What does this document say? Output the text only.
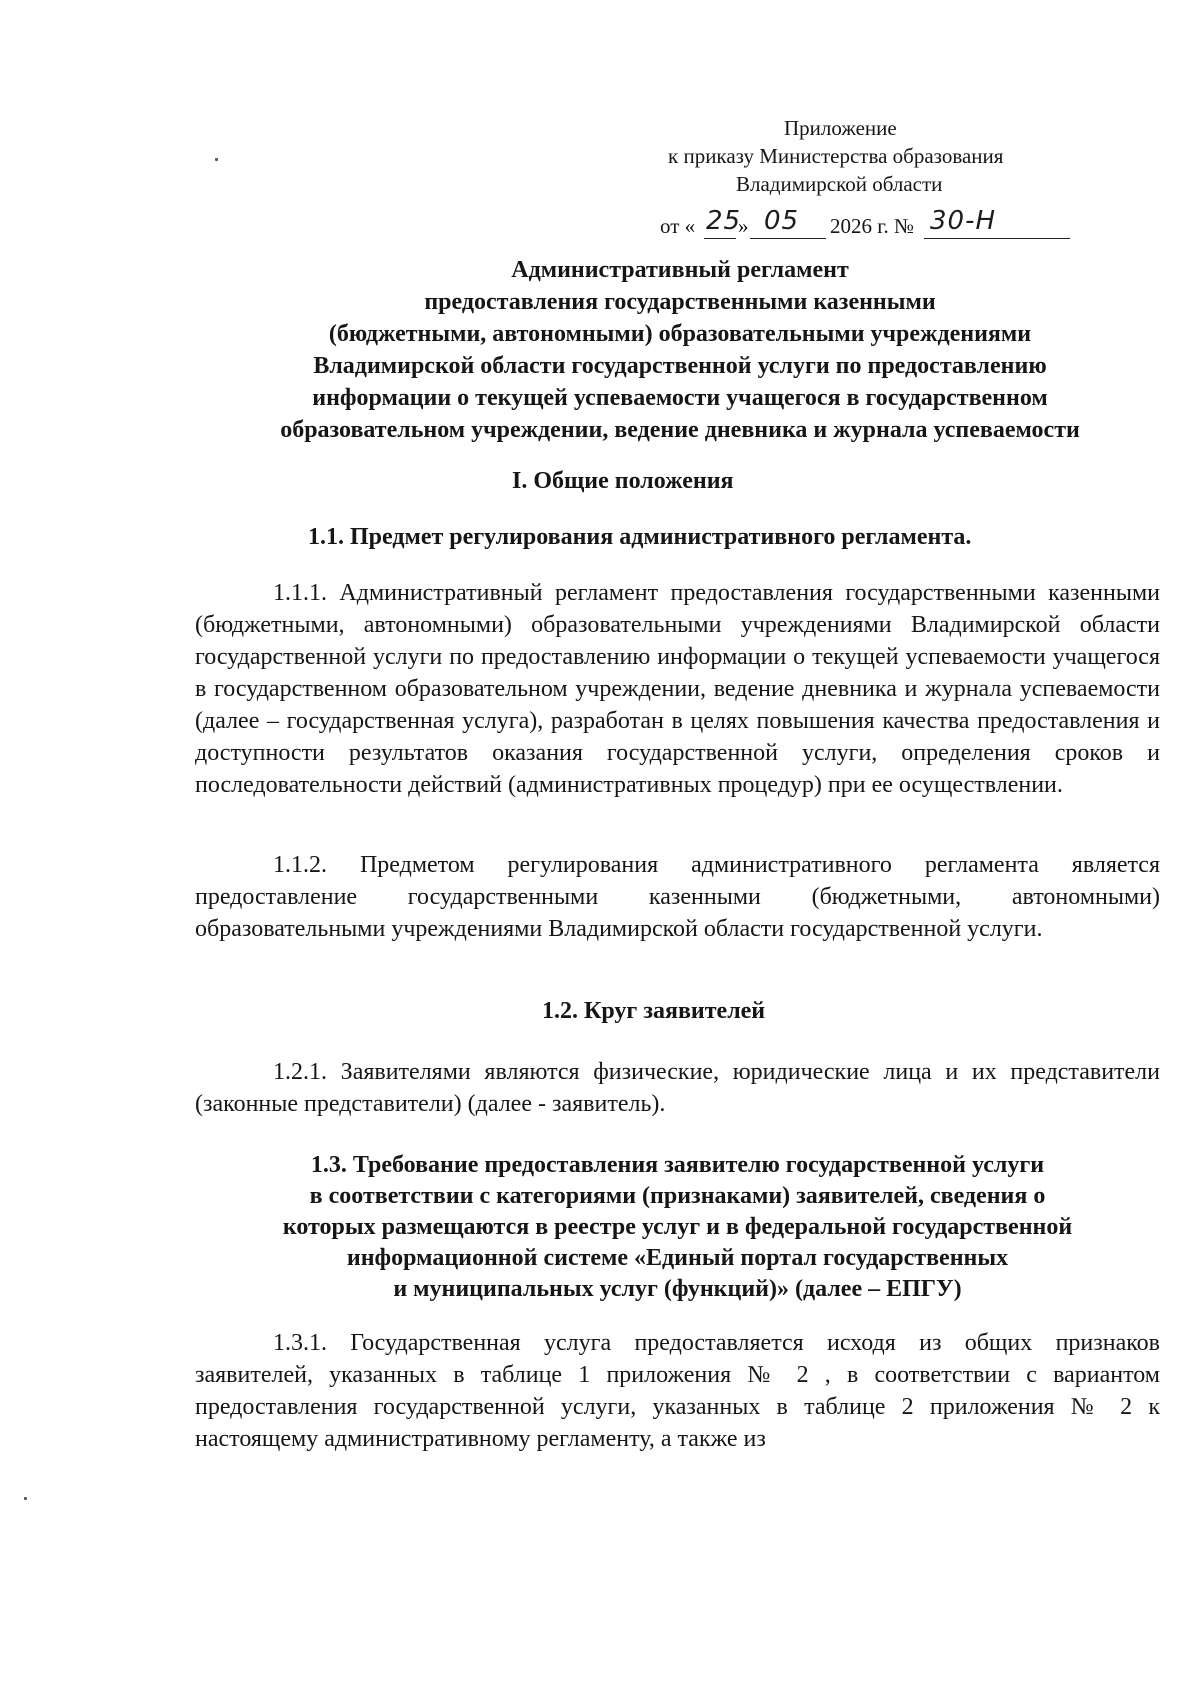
Приложение
к приказу Министерства образования
Владимирской области
от « 25
» 05 2026 г. № 30-Н
Административный регламент
предоставления государственными казенными
(бюджетными, автономными) образовательными учреждениями
Владимирской области государственной услуги по предоставлению
информации о текущей успеваемости учащегося в государственном
образовательном учреждении, ведение дневника и журнала успеваемости
I. Общие положения
1.1. Предмет регулирования административного регламента.
1.1.1. Административный регламент предоставления государственными казенными (бюджетными, автономными) образовательными учреждениями Владимирской области государственной услуги по предоставлению информации о текущей успеваемости учащегося в государственном образовательном учреждении, ведение дневника и журнала успеваемости (далее – государственная услуга), разработан в целях повышения качества предоставления и доступности результатов оказания государственной услуги, определения сроков и последовательности действий (административных процедур) при ее осуществлении.
1.1.2. Предметом регулирования административного регламента является предоставление государственными казенными (бюджетными, автономными) образовательными учреждениями Владимирской области государственной услуги.
1.2. Круг заявителей
1.2.1. Заявителями являются физические, юридические лица и их представители (законные представители) (далее - заявитель).
1.3. Требование предоставления заявителю государственной услуги
в соответствии с категориями (признаками) заявителей, сведения о
которых размещаются в реестре услуг и в федеральной государственной
информационной системе «Единый портал государственных
и муниципальных услуг (функций)» (далее – ЕПГУ)
1.3.1. Государственная услуга предоставляется исходя из общих признаков заявителей, указанных в таблице 1 приложения № 2 , в соответствии с вариантом предоставления государственной услуги, указанных в таблице 2 приложения № 2 к настоящему административному регламенту, а также из
